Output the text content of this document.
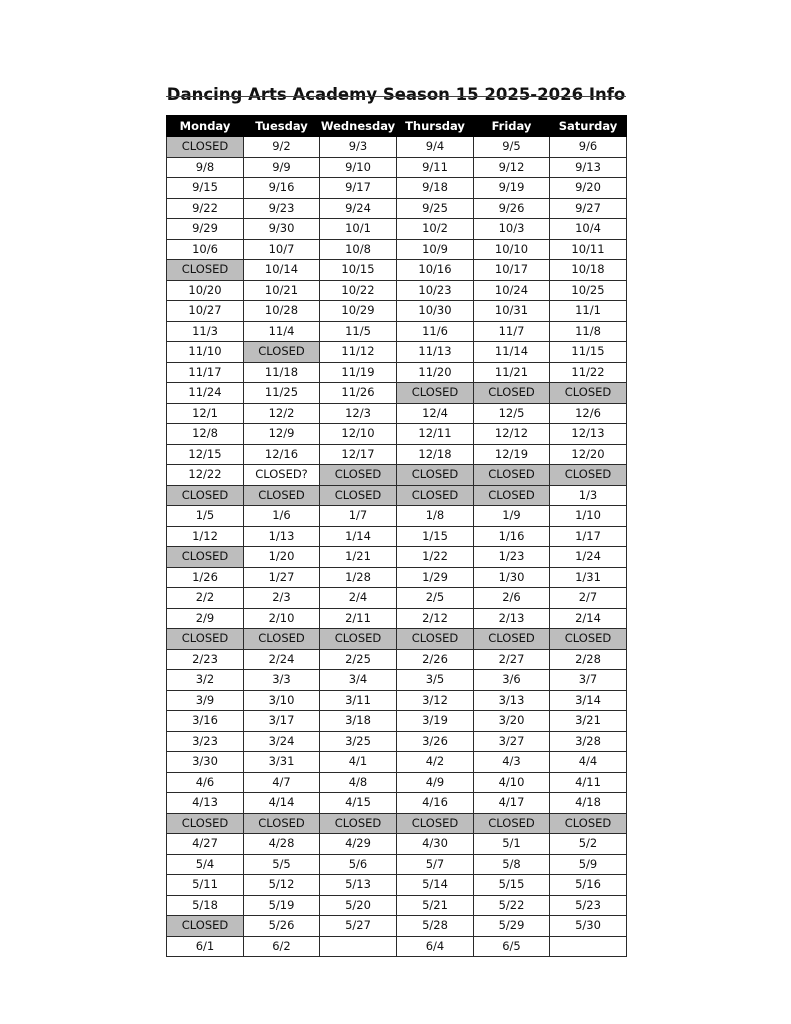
Dancing Arts Academy Season 15 2025-2026 Info
Monday	Tuesday	Wednesday	Thursday	Friday	Saturday
CLOSED	9/2	9/3	9/4	9/5	9/6
9/8	9/9	9/10	9/11	9/12	9/13
9/15	9/16	9/17	9/18	9/19	9/20
9/22	9/23	9/24	9/25	9/26	9/27
9/29	9/30	10/1	10/2	10/3	10/4
10/6	10/7	10/8	10/9	10/10	10/11
CLOSED	10/14	10/15	10/16	10/17	10/18
10/20	10/21	10/22	10/23	10/24	10/25
10/27	10/28	10/29	10/30	10/31	11/1
11/3	11/4	11/5	11/6	11/7	11/8
11/10	CLOSED	11/12	11/13	11/14	11/15
11/17	11/18	11/19	11/20	11/21	11/22
11/24	11/25	11/26	CLOSED	CLOSED	CLOSED
12/1	12/2	12/3	12/4	12/5	12/6
12/8	12/9	12/10	12/11	12/12	12/13
12/15	12/16	12/17	12/18	12/19	12/20
12/22	CLOSED?	CLOSED	CLOSED	CLOSED	CLOSED
CLOSED	CLOSED	CLOSED	CLOSED	CLOSED	1/3
1/5	1/6	1/7	1/8	1/9	1/10
1/12	1/13	1/14	1/15	1/16	1/17
CLOSED	1/20	1/21	1/22	1/23	1/24
1/26	1/27	1/28	1/29	1/30	1/31
2/2	2/3	2/4	2/5	2/6	2/7
2/9	2/10	2/11	2/12	2/13	2/14
CLOSED	CLOSED	CLOSED	CLOSED	CLOSED	CLOSED
2/23	2/24	2/25	2/26	2/27	2/28
3/2	3/3	3/4	3/5	3/6	3/7
3/9	3/10	3/11	3/12	3/13	3/14
3/16	3/17	3/18	3/19	3/20	3/21
3/23	3/24	3/25	3/26	3/27	3/28
3/30	3/31	4/1	4/2	4/3	4/4
4/6	4/7	4/8	4/9	4/10	4/11
4/13	4/14	4/15	4/16	4/17	4/18
CLOSED	CLOSED	CLOSED	CLOSED	CLOSED	CLOSED
4/27	4/28	4/29	4/30	5/1	5/2
5/4	5/5	5/6	5/7	5/8	5/9
5/11	5/12	5/13	5/14	5/15	5/16
5/18	5/19	5/20	5/21	5/22	5/23
CLOSED	5/26	5/27	5/28	5/29	5/30
6/1	6/2		6/4	6/5	
